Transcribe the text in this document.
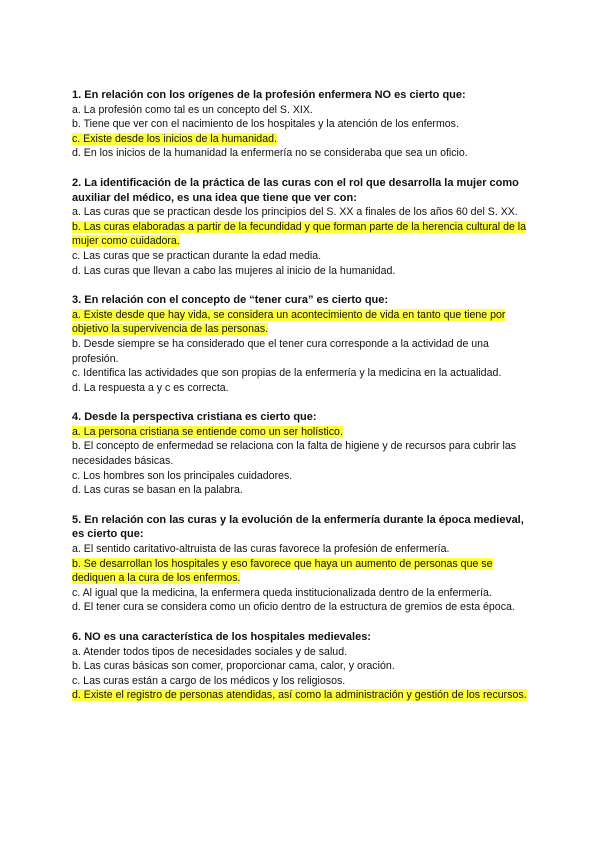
1. En relación con los orígenes de la profesión enfermera NO es cierto que:

a. La profesión como tal es un concepto del S. XIX.

b. Tiene que ver con el nacimiento de los hospitales y la atención de los enfermos.

c. Existe desde los inicios de la humanidad.

d. En los inicios de la humanidad la enfermería no se consideraba que sea un oficio.

2. La identificación de la práctica de las curas con el rol que desarrolla la mujer como auxiliar del médico, es una idea que tiene que ver con:

a. Las curas que se practican desde los principios del S. XX a finales de los años 60 del S. XX.

b. Las curas elaboradas a partir de la fecundidad y que forman parte de la herencia cultural de la mujer como cuidadora.

c. Las curas que se practican durante la edad media.

d. Las curas que llevan a cabo las mujeres al inicio de la humanidad.

3. En relación con el concepto de “tener cura” es cierto que:

a. Existe desde que hay vida, se considera un acontecimiento de vida en tanto que tiene por objetivo la supervivencia de las personas.

b. Desde siempre se ha considerado que el tener cura corresponde a la actividad de una profesión.

c. Identifica las actividades que son propias de la enfermería y la medicina en la actualidad.

d. La respuesta a y c es correcta.

4. Desde la perspectiva cristiana es cierto que:

a. La persona cristiana se entiende como un ser holístico.

b. El concepto de enfermedad se relaciona con la falta de higiene y de recursos para cubrir las necesidades básicas.

c. Los hombres son los principales cuidadores.

d. Las curas se basan en la palabra.

5. En relación con las curas y la evolución de la enfermería durante la época medieval, es cierto que:

a. El sentido caritativo-altruista de las curas favorece la profesión de enfermería.

b. Se desarrollan los hospitales y eso favorece que haya un aumento de personas que se dediquen a la cura de los enfermos.

c. Al igual que la medicina, la enfermera queda institucionalizada dentro de la enfermería.

d. El tener cura se considera como un oficio dentro de la estructura de gremios de esta época.

6. NO es una característica de los hospitales medievales:

a. Atender todos tipos de necesidades sociales y de salud.

b. Las curas básicas son comer, proporcionar cama, calor, y oración.

c. Las curas están a cargo de los médicos y los religiosos.

d. Existe el registro de personas atendidas, así como la administración y gestión de los recursos.
